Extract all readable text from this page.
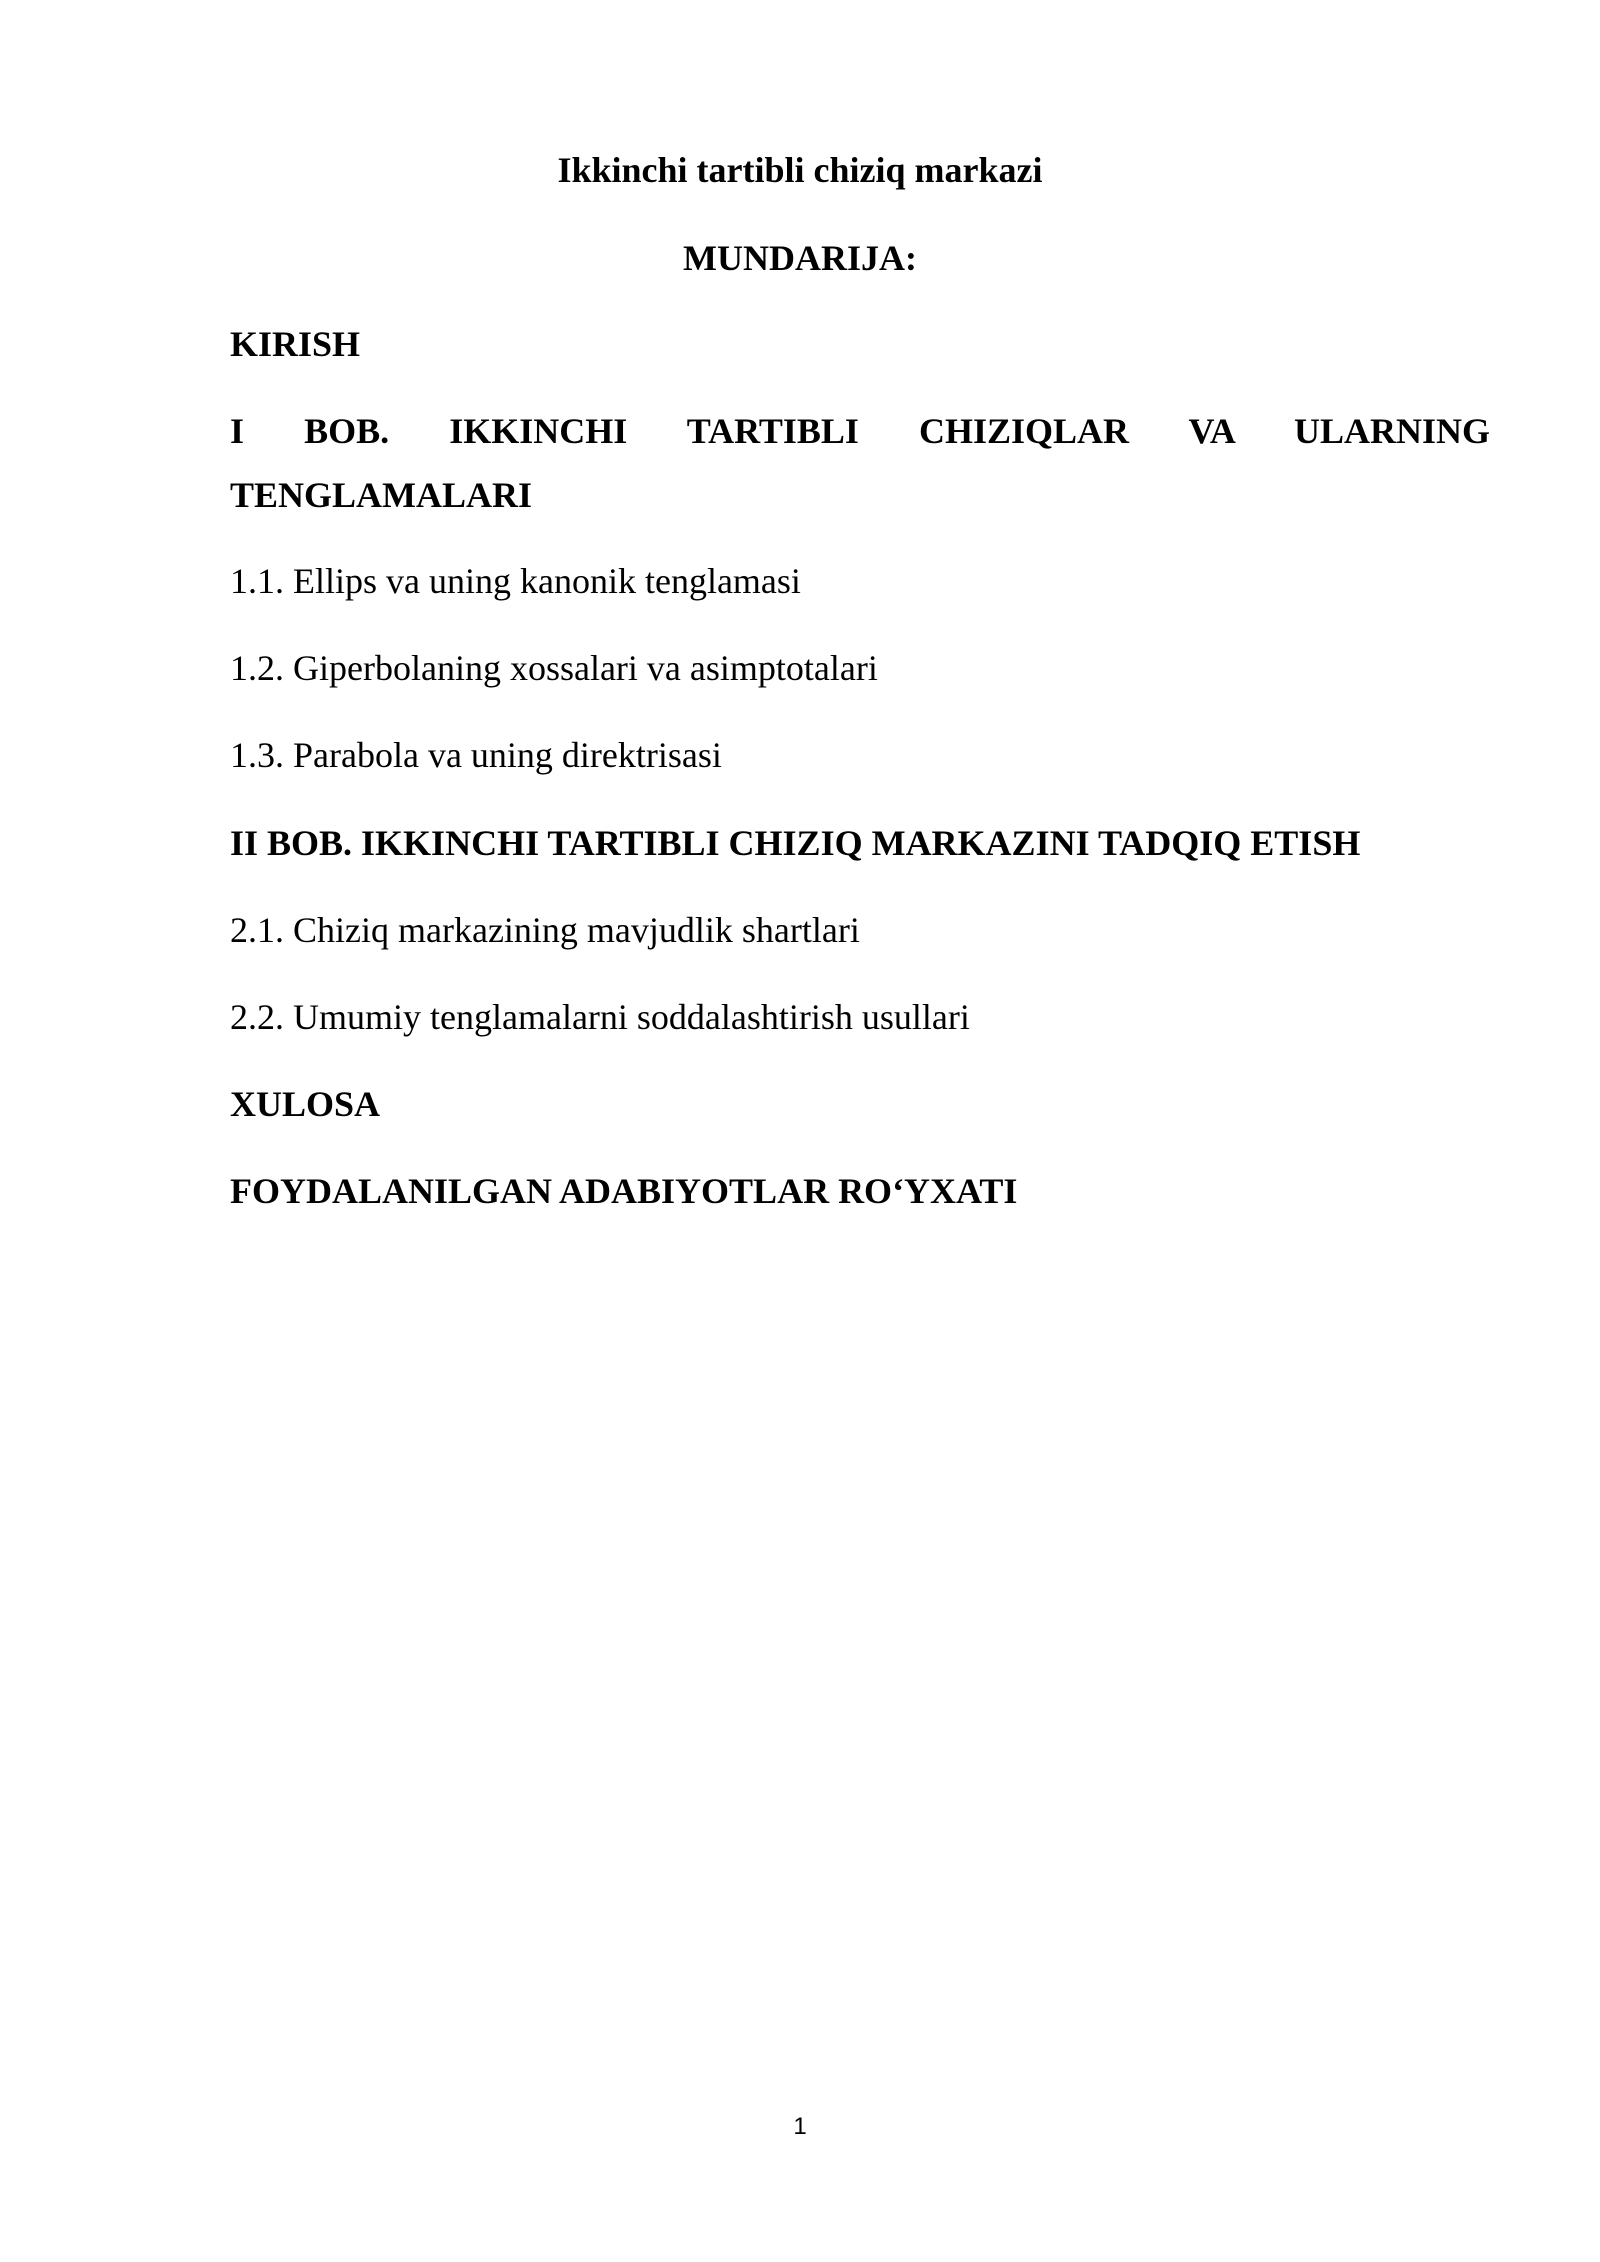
Ikkinchi tartibli chiziq markazi
MUNDARIJA:
KIRISH
I BOB. IKKINCHI TARTIBLI CHIZIQLAR VA ULARNING
TENGLAMALARI
1.1. Ellips va uning kanonik tenglamasi
1.2. Giperbolaning xossalari va asimptotalari
1.3. Parabola va uning direktrisasi
II BOB. IKKINCHI TARTIBLI CHIZIQ MARKAZINI TADQIQ ETISH
2.1. Chiziq markazining mavjudlik shartlari
2.2. Umumiy tenglamalarni soddalashtirish usullari
XULOSA
FOYDALANILGAN ADABIYOTLAR RO‘YXATI
1
